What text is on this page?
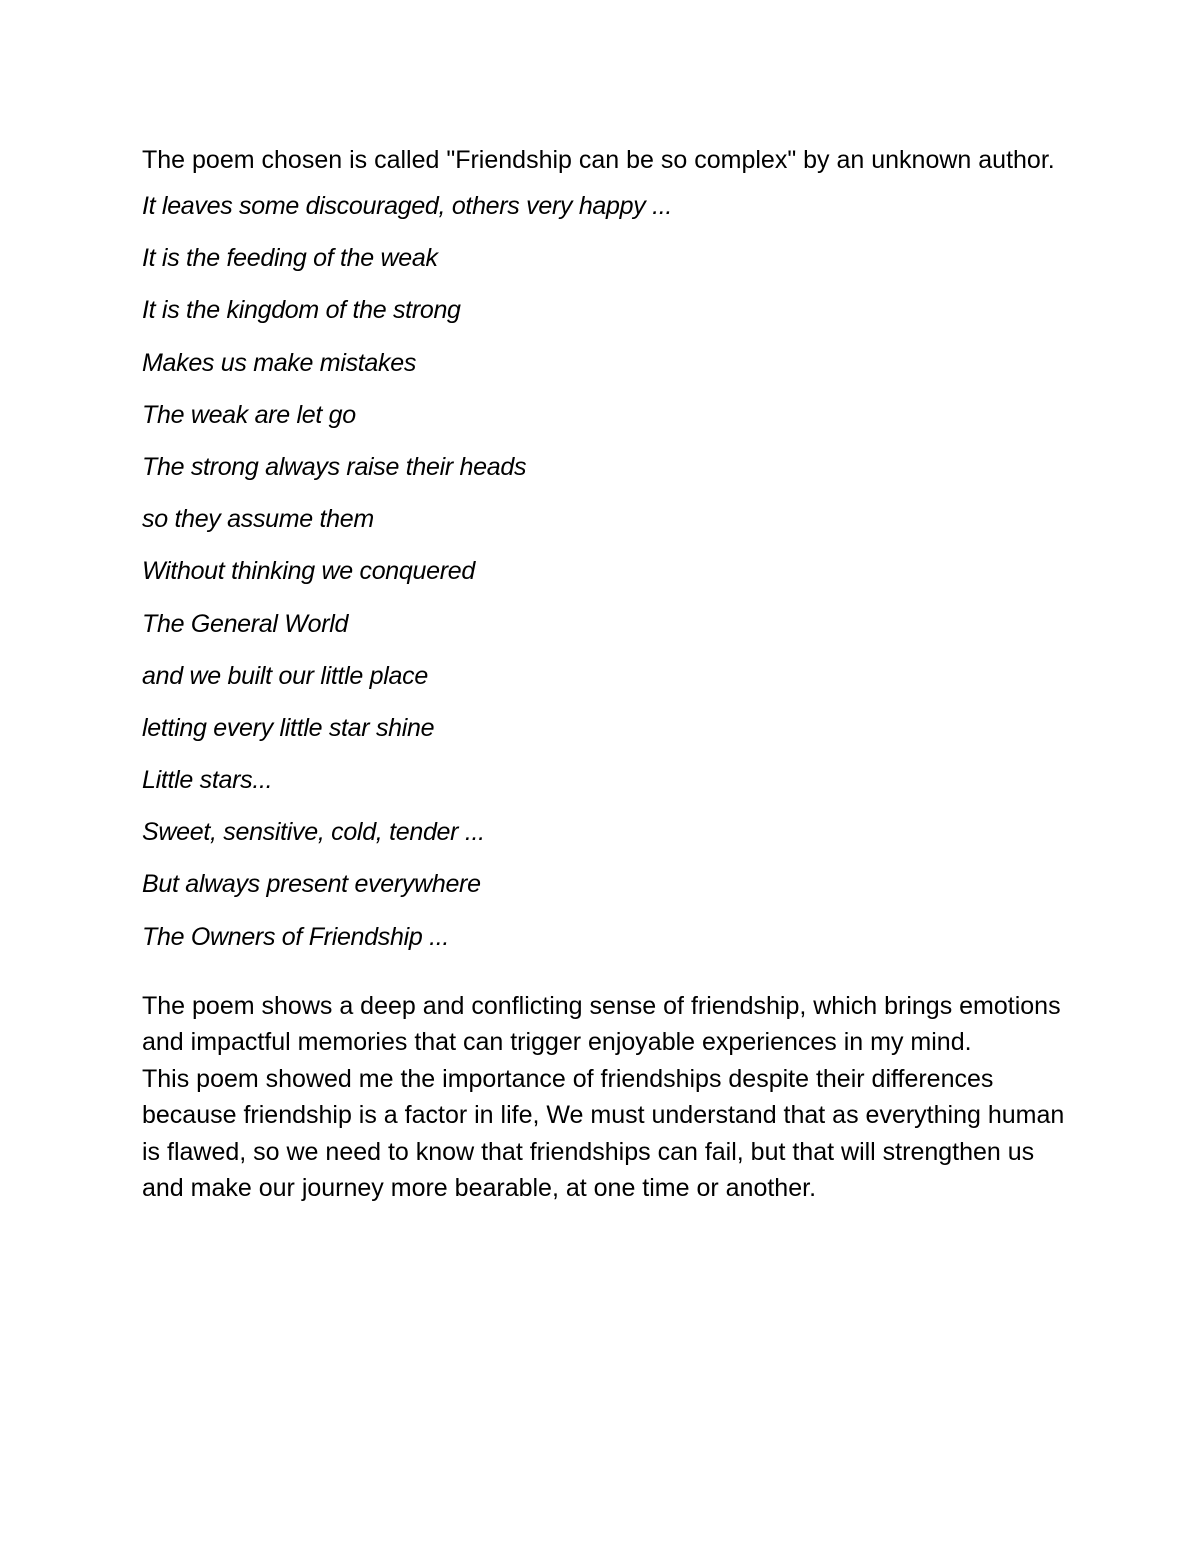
The poem chosen is called "Friendship can be so complex" by an unknown author.

It leaves some discouraged, others very happy ...
It is the feeding of the weak
It is the kingdom of the strong
Makes us make mistakes
The weak are let go
The strong always raise their heads
so they assume them
Without thinking we conquered
The General World
and we built our little place
letting every little star shine
Little stars...
Sweet, sensitive, cold, tender ...
But always present everywhere
The Owners of Friendship ...

The poem shows a deep and conflicting sense of friendship, which brings emotions and impactful memories that can trigger enjoyable experiences in my mind.

This poem showed me the importance of friendships despite their differences because friendship is a factor in life, We must understand that as everything human is flawed, so we need to know that friendships can fail, but that will strengthen us and make our journey more bearable, at one time or another.
